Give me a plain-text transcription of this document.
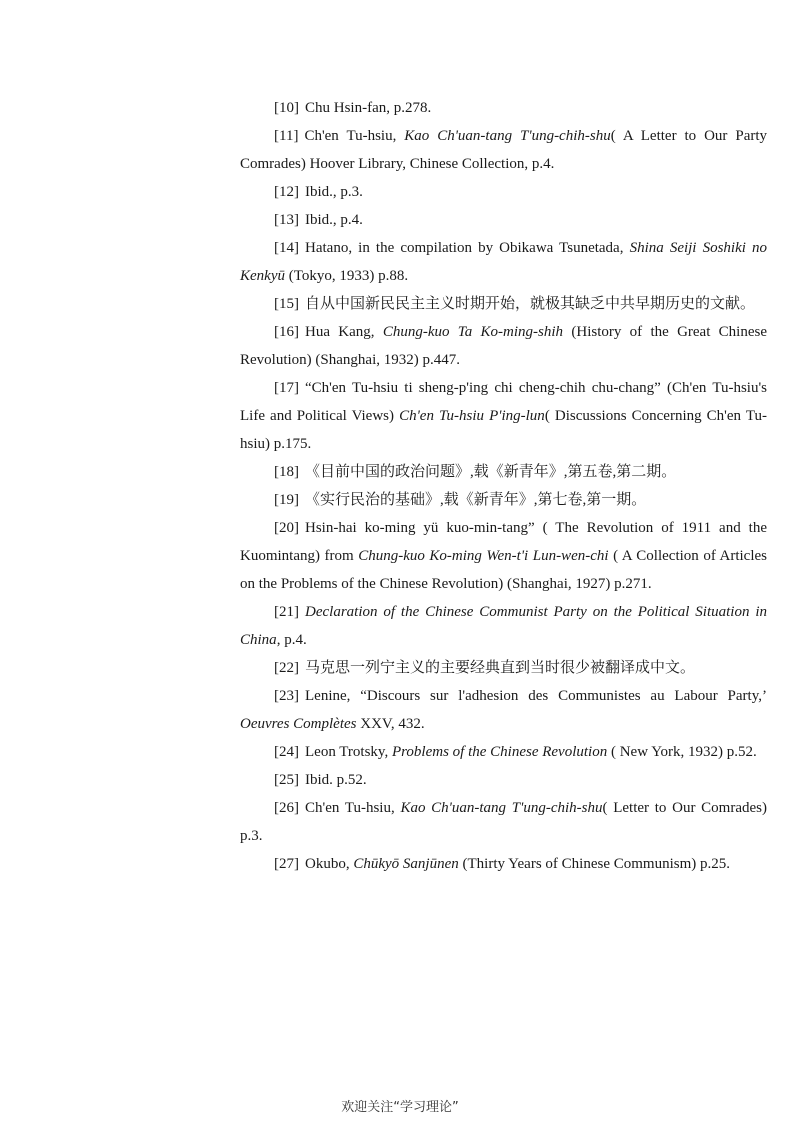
[10] Chu Hsin-fan, p.278.

[11] Ch'en Tu-hsiu, Kao Ch'uan-tang T'ung-chih-shu( A Letter to Our Party Comrades) Hoover Library, Chinese Collection, p.4.

[12] Ibid., p.3.

[13] Ibid., p.4.

[14] Hatano, in the compilation by Obikawa Tsunetada, Shina Seiji Soshiki no Kenkyū (Tokyo, 1933) p.88.

[15] 自从中国新民民主主义时期开始，就极其缺乏中共早期历史的文献。

[16] Hua Kang, Chung-kuo Ta Ko-ming-shih (History of the Great Chinese Revolution) (Shanghai, 1932) p.447.

[17] “Ch'en Tu-hsiu ti sheng-p'ing chi cheng-chih chu-chang” (Ch'en Tu-hsiu's Life and Political Views) Ch'en Tu-hsiu P'ing-lun( Discussions Concerning Ch'en Tu-hsiu) p.175.

[18] 《目前中国的政治问题》,载《新青年》,第五卷,第二期。

[19] 《实行民治的基础》,载《新青年》,第七卷,第一期。

[20] Hsin-hai ko-ming yü kuo-min-tang” ( The Revolution of 1911 and the Kuomintang) from Chung-kuo Ko-ming Wen-t'i Lun-wen-chi ( A Collection of Articles on the Problems of the Chinese Revolution) (Shanghai, 1927) p.271.

[21] Declaration of the Chinese Communist Party on the Political Situation in China, p.4.

[22] 马克思一列宁主义的主要经典直到当时很少被翻译成中文。

[23] Lenine, “Discours sur l'adhesion des Communistes au Labour Party,’ Oeuvres Complètes XXV, 432.

[24] Leon Trotsky, Problems of the Chinese Revolution ( New York, 1932) p.52.

[25] Ibid. p.52.

[26] Ch'en Tu-hsiu, Kao Ch'uan-tang T'ung-chih-shu( Letter to Our Comrades) p.3.

[27] Okubo, Chūkyō Sanjūnen (Thirty Years of Chinese Communism) p.25.

欢迎关注“学习理论”
